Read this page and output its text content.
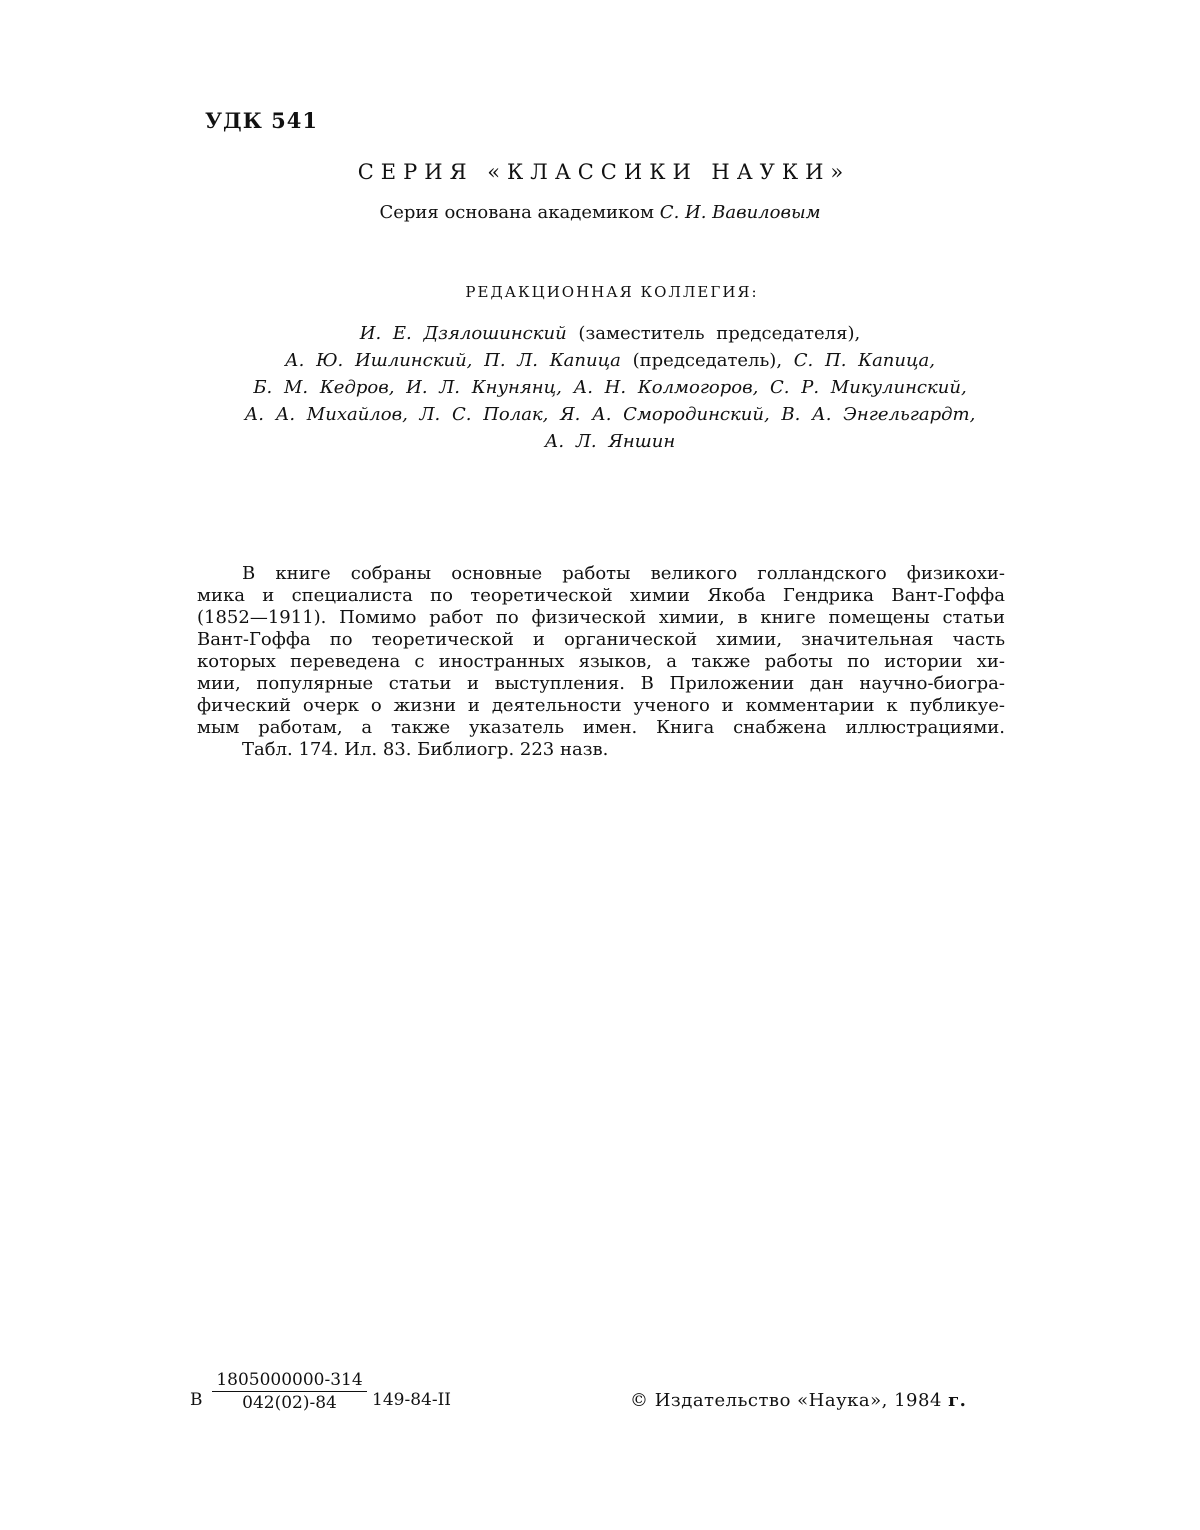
УДК 541
СЕРИЯ «КЛАССИКИ НАУКИ»
Серия основана академиком С. И. Вавиловым
РЕДАКЦИОННАЯ КОЛЛЕГИЯ:
И. Е. Дзялошинский (заместитель председателя),
А. Ю. Ишлинский, П. Л. Капица (председатель), С. П. Капица,
Б. М. Кедров, И. Л. Кнунянц, А. Н. Колмогоров, С. Р. Микулинский,
А. А. Михайлов, Л. С. Полак, Я. А. Смородинский, В. А. Энгельгардт,
А. Л. Яншин
В книге собраны основные работы великого голландского физикохи-
мика и специалиста по теоретической химии Якоба Гендрика Вант-Гоффа
(1852—1911). Помимо работ по физической химии, в книге помещены статьи
Вант-Гоффа по теоретической и органической химии, значительная часть
которых переведена с иностранных языков, а также работы по истории хи-
мии, популярные статьи и выступления. В Приложении дан научно-биогра-
фический очерк о жизни и деятельности ученого и комментарии к публикуе-
мым работам, а также указатель имен. Книга снабжена иллюстрациями.
Табл. 174. Ил. 83. Библиогр. 223 назв.
В $\frac{1805000000-314}{042(02)-84} 149-84-II$	© Издательство «Наука», 1984 г.
